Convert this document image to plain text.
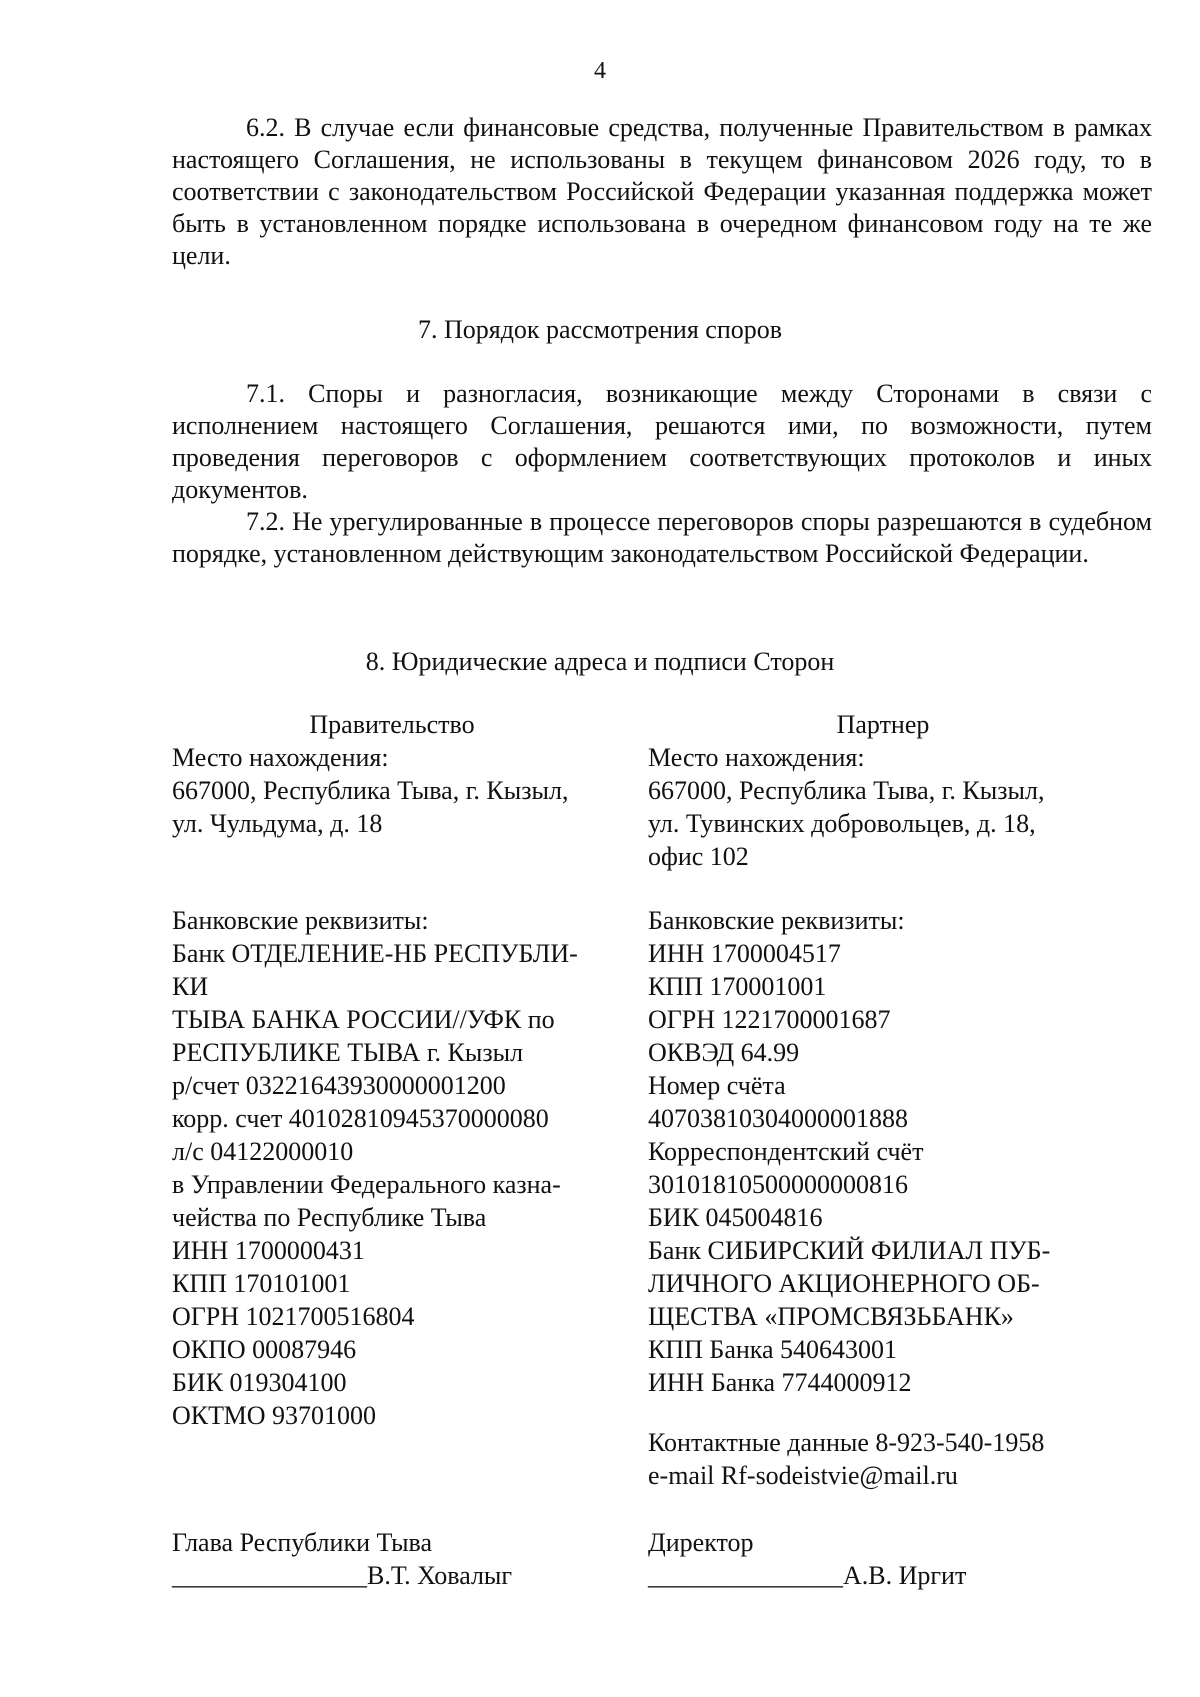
4

6.2. В случае если финансовые средства, полученные Правительством в рамках настоящего Соглашения, не использованы в текущем финансовом 2026 году, то в соответствии с законодательством Российской Федерации указанная поддержка может быть в установленном порядке использована в очередном финансовом году на те же цели.

7. Порядок рассмотрения споров

7.1. Споры и разногласия, возникающие между Сторонами в связи с исполнением настоящего Соглашения, решаются ими, по возможности, путем проведения переговоров с оформлением соответствующих протоколов и иных документов.

7.2. Не урегулированные в процессе переговоров споры разрешаются в судебном порядке, установленном действующим законодательством Российской Федерации.

8. Юридические адреса и подписи Сторон
Правительство
Место нахождения:
667000, Республика Тыва, г. Кызыл,
ул. Чульдума, д. 18
Банковские реквизиты:
Банк ОТДЕЛЕНИЕ-НБ РЕСПУБЛИ-
КИ
ТЫВА БАНКА РОССИИ//УФК по
РЕСПУБЛИКЕ ТЫВА г. Кызыл
р/счет 03221643930000001200
корр. счет 40102810945370000080
л/с 04122000010
в Управлении Федерального казна-
чейства по Республике Тыва
ИНН 1700000431
КПП 170101001
ОГРН 1021700516804
ОКПО 00087946
БИК 019304100
ОКТМО 93701000
Глава Республики Тыва
_______________В.Т. Ховалыг
Партнер
Место нахождения:
667000, Республика Тыва, г. Кызыл,
ул. Тувинских добровольцев, д. 18,
офис 102
Банковские реквизиты:
ИНН 1700004517
КПП 170001001
ОГРН 1221700001687
ОКВЭД 64.99
Номер счёта
40703810304000001888
Корреспондентский счёт
30101810500000000816
БИК 045004816
Банк СИБИРСКИЙ ФИЛИАЛ ПУБ-
ЛИЧНОГО АКЦИОНЕРНОГО ОБ-
ЩЕСТВА «ПРОМСВЯЗЬБАНК»
КПП Банка 540643001
ИНН Банка 7744000912
Контактные данные 8-923-540-1958
e-mail Rf-sodeistvie@mail.ru
Директор
_______________А.В. Иргит
